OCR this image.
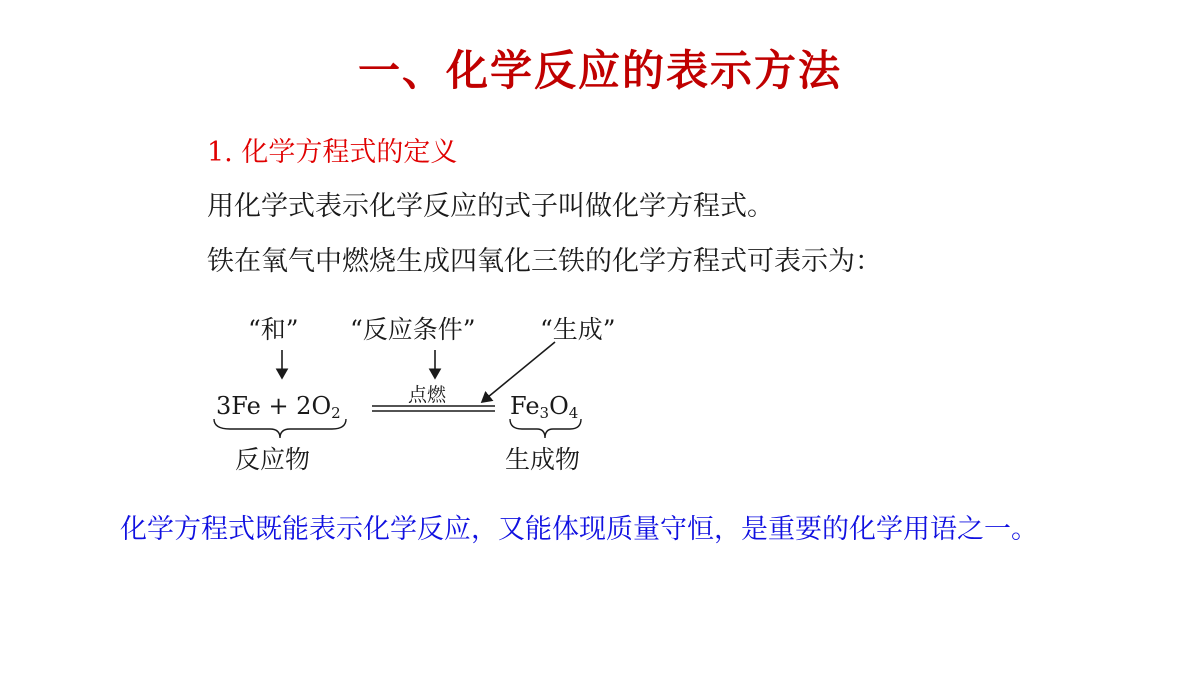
一、化学反应的表示方法
1. 化学方程式的定义
用化学式表示化学反应的式子叫做化学方程式。
铁在氧气中燃烧生成四氧化三铁的化学方程式可表示为：
“和” “反应条件”	“生成”
点燃
$3Fe + 2O_2$	$Fe_3O_4$
反应物	生成物
化学方程式既能表示化学反应，又能体现质量守恒，是重要的化学用语之一。
